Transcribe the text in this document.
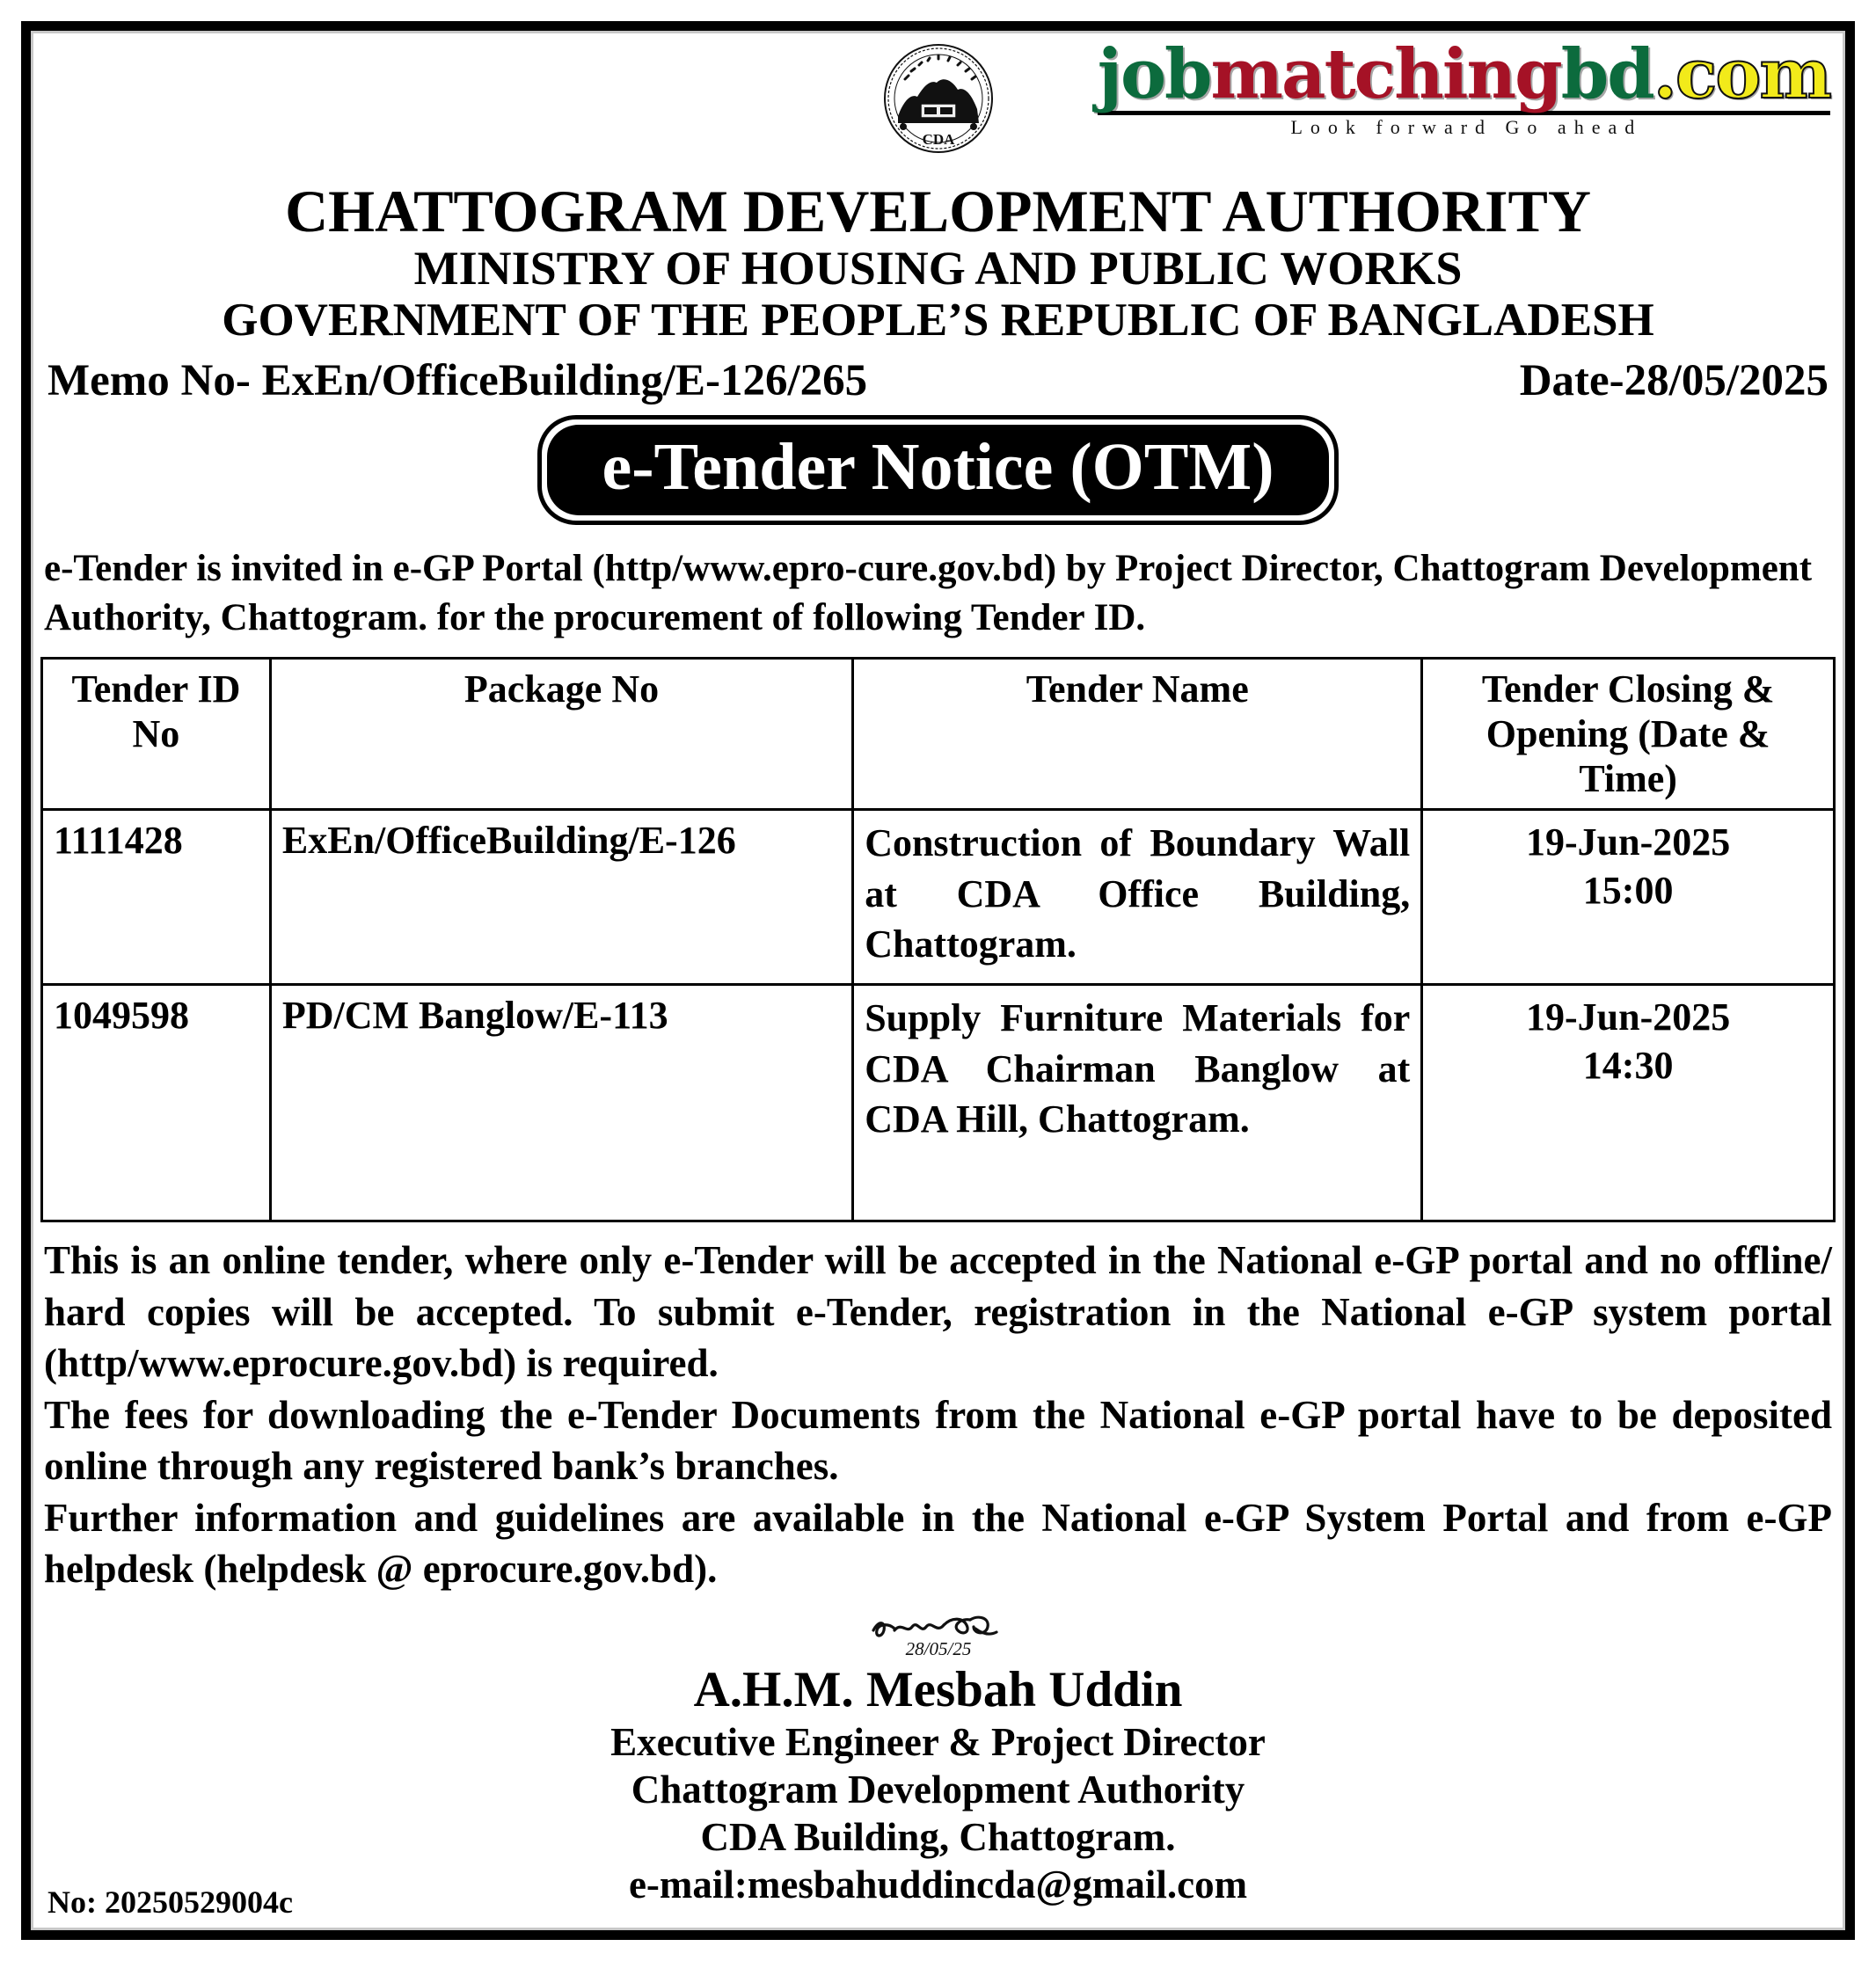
CDA
jobmatchingbd.com
Look forward Go ahead
CHATTOGRAM DEVELOPMENT AUTHORITY
MINISTRY OF HOUSING AND PUBLIC WORKS
GOVERNMENT OF THE PEOPLE’S REPUBLIC OF BANGLADESH
Memo No- ExEn/OfficeBuilding/E-126/265	Date-28/05/2025
e-Tender Notice (OTM)
e-Tender is invited in e-GP Portal (http/www.epro-cure.gov.bd) by Project Director, Chattogram Development Authority, Chattogram. for the procurement of following Tender ID.
Tender ID No	Package No	Tender Name	Tender Closing & Opening (Date & Time)
1111428	ExEn/OfficeBuilding/E-126	Construction of Boundary Wall at CDA Office Building, Chattogram.	19-Jun-2025
15:00

1049598	PD/CM Banglow/E-113	Supply Furniture Materials for CDA Chairman Banglow at CDA Hill, Chattogram.	19-Jun-2025
14:30

This is an online tender, where only e-Tender will be accepted in the National e-GP portal and no offline/ hard copies will be accepted. To submit e-Tender, registration in the National e-GP system portal (http/www.eprocure.gov.bd) is required.

The fees for downloading the e-Tender Documents from the National e-GP portal have to be deposited online through any registered bank’s branches.

Further information and guidelines are available in the National e-GP System Portal and from e-GP helpdesk (helpdesk @ eprocure.gov.bd).

28/05/25
A.H.M. Mesbah Uddin
Executive Engineer & Project Director
Chattogram Development Authority
CDA Building, Chattogram.
e-mail:mesbahuddincda@gmail.com
No: 20250529004c
